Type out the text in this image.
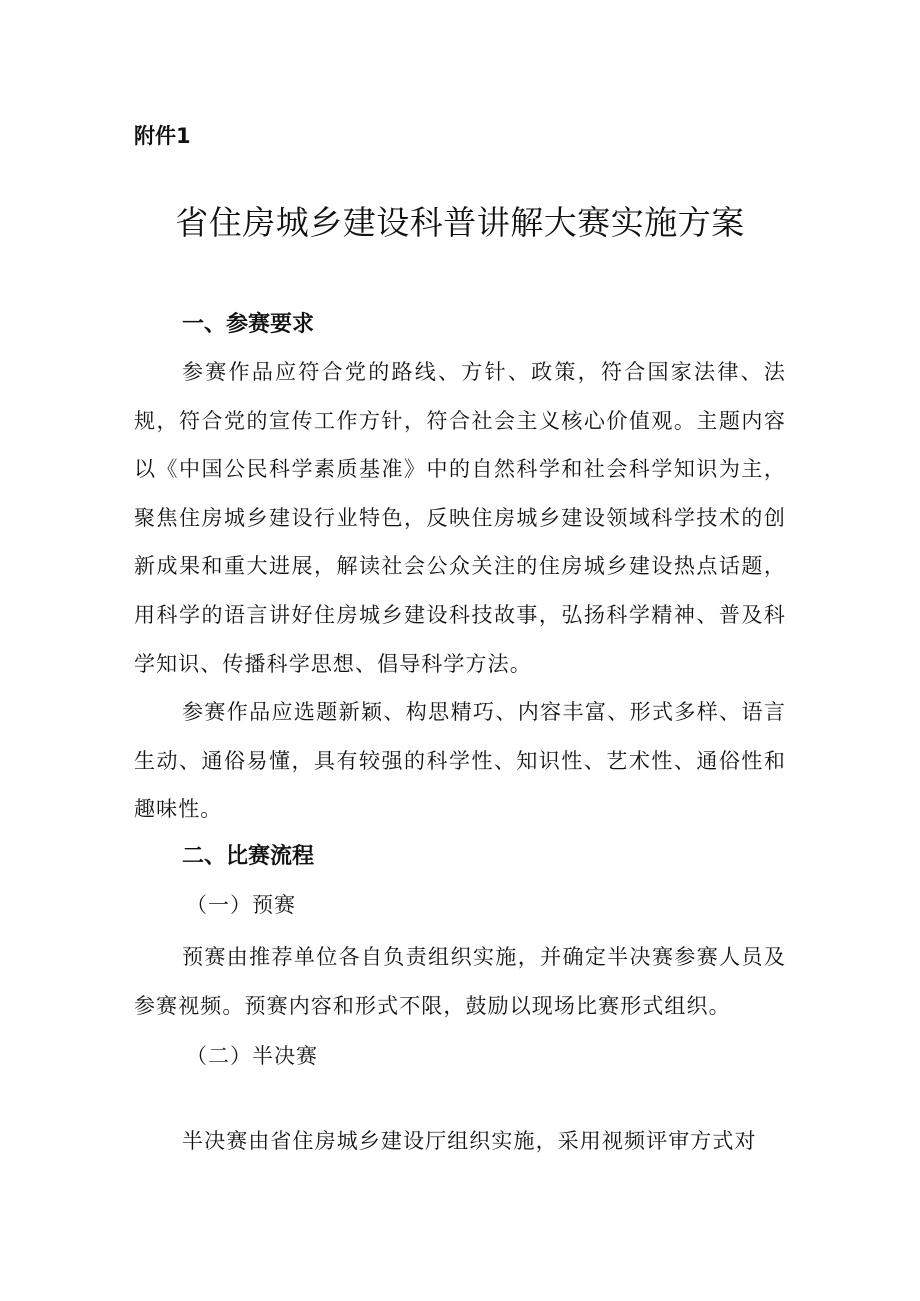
附件1
省住房城乡建设科普讲解大赛实施方案
一、参赛要求

参赛作品应符合党的路线、方针、政策，符合国家法律、法规，符合党的宣传工作方针，符合社会主义核心价值观。主题内容以《中国公民科学素质基准》中的自然科学和社会科学知识为主，聚焦住房城乡建设行业特色，反映住房城乡建设领域科学技术的创新成果和重大进展，解读社会公众关注的住房城乡建设热点话题，用科学的语言讲好住房城乡建设科技故事，弘扬科学精神、普及科学知识、传播科学思想、倡导科学方法。

参赛作品应选题新颖、构思精巧、内容丰富、形式多样、语言生动、通俗易懂，具有较强的科学性、知识性、艺术性、通俗性和趣味性。

二、比赛流程
（一）预赛

预赛由推荐单位各自负责组织实施，并确定半决赛参赛人员及参赛视频。预赛内容和形式不限，鼓励以现场比赛形式组织。

（二）半决赛

半决赛由省住房城乡建设厅组织实施，采用视频评审方式对
